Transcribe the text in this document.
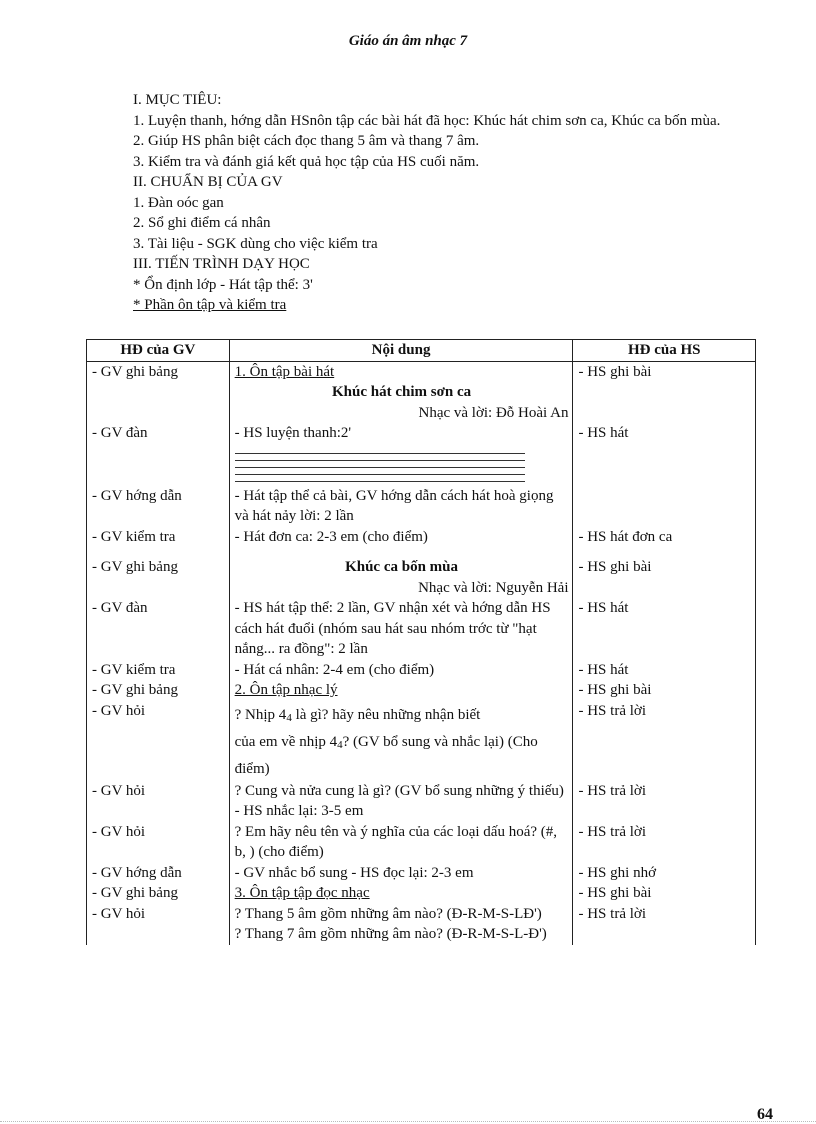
Giáo án âm nhạc 7

I. MỤC TIÊU:

1. Luyện thanh, hớng dẫn HSnôn tập các bài hát đã học: Khúc hát chim sơn ca, Khúc ca bốn mùa.

2. Giúp HS phân biệt cách đọc thang 5 âm và thang 7 âm.

3. Kiểm tra và đánh giá kết quả học tập của HS cuối năm.

II. CHUẨN BỊ CỦA GV

1. Đàn oóc gan

2. Sổ ghi điểm cá nhân

3. Tài liệu - SGK dùng cho việc kiểm tra

III. TIẾN TRÌNH DẠY HỌC

* Ổn định lớp - Hát tập thể: 3'

* Phần ôn tập và kiểm tra

HĐ của GV	Nội dung	HĐ của HS

- GV ghi bảng	1. Ôn tập bài hát
Khúc hát chim sơn ca
Nhạc và lời: Đỗ Hoài An	- HS ghi bài

- GV đàn	- HS luyện thanh:2'	- HS hát

- GV hớng dẫn	- Hát tập thể cả bài, GV hớng dẫn cách hát hoà giọng và hát nảy lời: 2 lần	

- GV kiểm tra	- Hát đơn ca: 2-3 em (cho điểm)	- HS hát đơn ca

- GV ghi bảng	Khúc ca bốn mùa
Nhạc và lời: Nguyễn Hải	- HS ghi bài

- GV đàn	- HS hát tập thể: 2 lần, GV nhận xét và hớng dẫn HS cách hát đuổi (nhóm sau hát sau nhóm trớc từ "hạt nắng... ra đồng": 2 lần	- HS hát

- GV kiểm tra	- Hát cá nhân: 2-4 em (cho điểm)	- HS hát

- GV ghi bảng	2. Ôn tập nhạc lý	- HS ghi bài

- GV hỏi	? Nhịp $4_4$ là gì? hãy nêu những nhận biết
của em về nhịp $4_4$? (GV bổ sung và nhắc lại) (Cho điểm)	- HS trả lời

- GV hỏi	? Cung và nửa cung là gì? (GV bổ sung những ý thiếu)
- HS nhắc lại: 3-5 em	- HS trả lời

- GV hỏi	? Em hãy nêu tên và ý nghĩa của các loại dấu hoá? (#, b, ) (cho điểm)	- HS trả lời

- GV hớng dẫn	- GV nhắc bổ sung - HS đọc lại: 2-3 em	- HS ghi nhớ

- GV ghi bảng	3. Ôn tập tập đọc nhạc	- HS ghi bài

- GV hỏi	? Thang 5 âm gồm những âm nào? (Đ-R-M-S-LĐ')
? Thang 7 âm gồm những âm nào? (Đ-R-M-S-L-Đ')	- HS trả lời
64
